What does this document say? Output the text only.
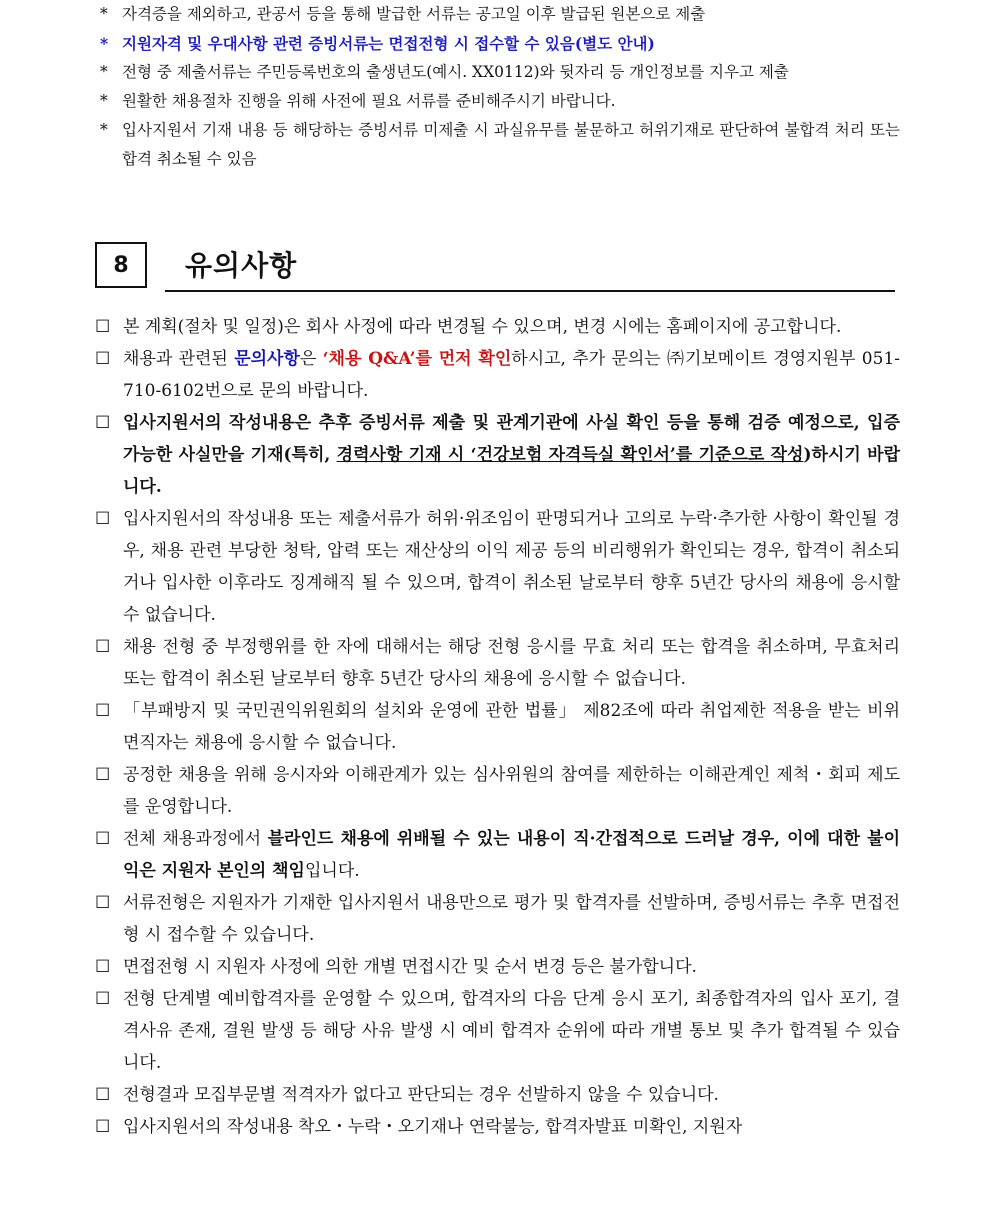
* 자격증을 제외하고, 관공서 등을 통해 발급한 서류는 공고일 이후 발급된 원본으로 제출
* 지원자격 및 우대사항 관련 증빙서류는 면접전형 시 접수할 수 있음(별도 안내)
* 전형 중 제출서류는 주민등록번호의 출생년도(예시. XX0112)와 뒷자리 등 개인정보를 지우고 제출
* 원활한 채용절차 진행을 위해 사전에 필요 서류를 준비해주시기 바랍니다.
* 입사지원서 기재 내용 등 해당하는 증빙서류 미제출 시 과실유무를 불문하고 허위기재로 판단하여 불합격 처리 또는 합격 취소될 수 있음
8	유의사항
☐ 본 계획(절차 및 일정)은 회사 사정에 따라 변경될 수 있으며, 변경 시에는 홈페이지에 공고합니다.
☐ 채용과 관련된 문의사항은 ‘채용 Q&A’를 먼저 확인하시고, 추가 문의는 ㈜기보메이트 경영지원부 051-710-6102번으로 문의 바랍니다.
☐ 입사지원서의 작성내용은 추후 증빙서류 제출 및 관계기관에 사실 확인 등을 통해 검증 예정으로, 입증 가능한 사실만을 기재(특히, 경력사항 기재 시 ‘건강보험 자격득실 확인서’를 기준으로 작성)하시기 바랍니다.
☐ 입사지원서의 작성내용 또는 제출서류가 허위·위조임이 판명되거나 고의로 누락·추가한 사항이 확인될 경우, 채용 관련 부당한 청탁, 압력 또는 재산상의 이익 제공 등의 비리행위가 확인되는 경우, 합격이 취소되거나 입사한 이후라도 징계해직 될 수 있으며, 합격이 취소된 날로부터 향후 5년간 당사의 채용에 응시할 수 없습니다.
☐ 채용 전형 중 부정행위를 한 자에 대해서는 해당 전형 응시를 무효 처리 또는 합격을 취소하며, 무효처리 또는 합격이 취소된 날로부터 향후 5년간 당사의 채용에 응시할 수 없습니다.
☐ 「부패방지 및 국민권익위원회의 설치와 운영에 관한 법률」 제82조에 따라 취업제한 적용을 받는 비위면직자는 채용에 응시할 수 없습니다.
☐ 공정한 채용을 위해 응시자와 이해관계가 있는 심사위원의 참여를 제한하는 이해관계인 제척・회피 제도를 운영합니다.
☐ 전체 채용과정에서 블라인드 채용에 위배될 수 있는 내용이 직·간접적으로 드러날 경우, 이에 대한 불이익은 지원자 본인의 책임입니다.
☐ 서류전형은 지원자가 기재한 입사지원서 내용만으로 평가 및 합격자를 선발하며, 증빙서류는 추후 면접전형 시 접수할 수 있습니다.
☐ 면접전형 시 지원자 사정에 의한 개별 면접시간 및 순서 변경 등은 불가합니다.
☐ 전형 단계별 예비합격자를 운영할 수 있으며, 합격자의 다음 단계 응시 포기, 최종합격자의 입사 포기, 결격사유 존재, 결원 발생 등 해당 사유 발생 시 예비 합격자 순위에 따라 개별 통보 및 추가 합격될 수 있습니다.
☐ 전형결과 모집부문별 적격자가 없다고 판단되는 경우 선발하지 않을 수 있습니다.
☐ 입사지원서의 작성내용 착오・누락・오기재나 연락불능, 합격자발표 미확인, 지원자
